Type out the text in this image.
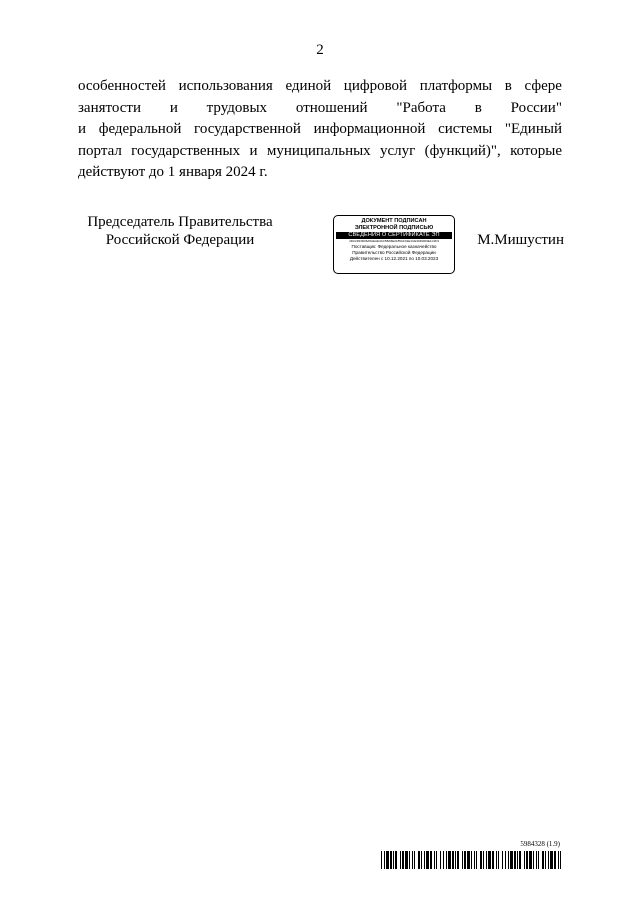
2
особенностей использования единой цифровой платформы в сфере
занятости и трудовых отношений "Работа в России"
и федеральной государственной информационной системы "Единый
портал государственных и муниципальных услуг (функций)", которые
действуют до 1 января 2024 г.
Председатель Правительства
Российской Федерации
ДОКУМЕНТ ПОДПИСАН
ЭЛЕКТРОННОЙ ПОДПИСЬЮ
СВЕДЕНИЯ О СЕРТИФИКАТЕ ЭП
4DC2DF0036A5AEAE3AC5BA5E2185A1D1E1CE3049003E1C3F3
Поставщик: Федеральное казначейство
Правительство Российской Федерации
Действителен с 10.12.2021 по 10.03.2023
М.Мишустин
5984328 (1.9)
